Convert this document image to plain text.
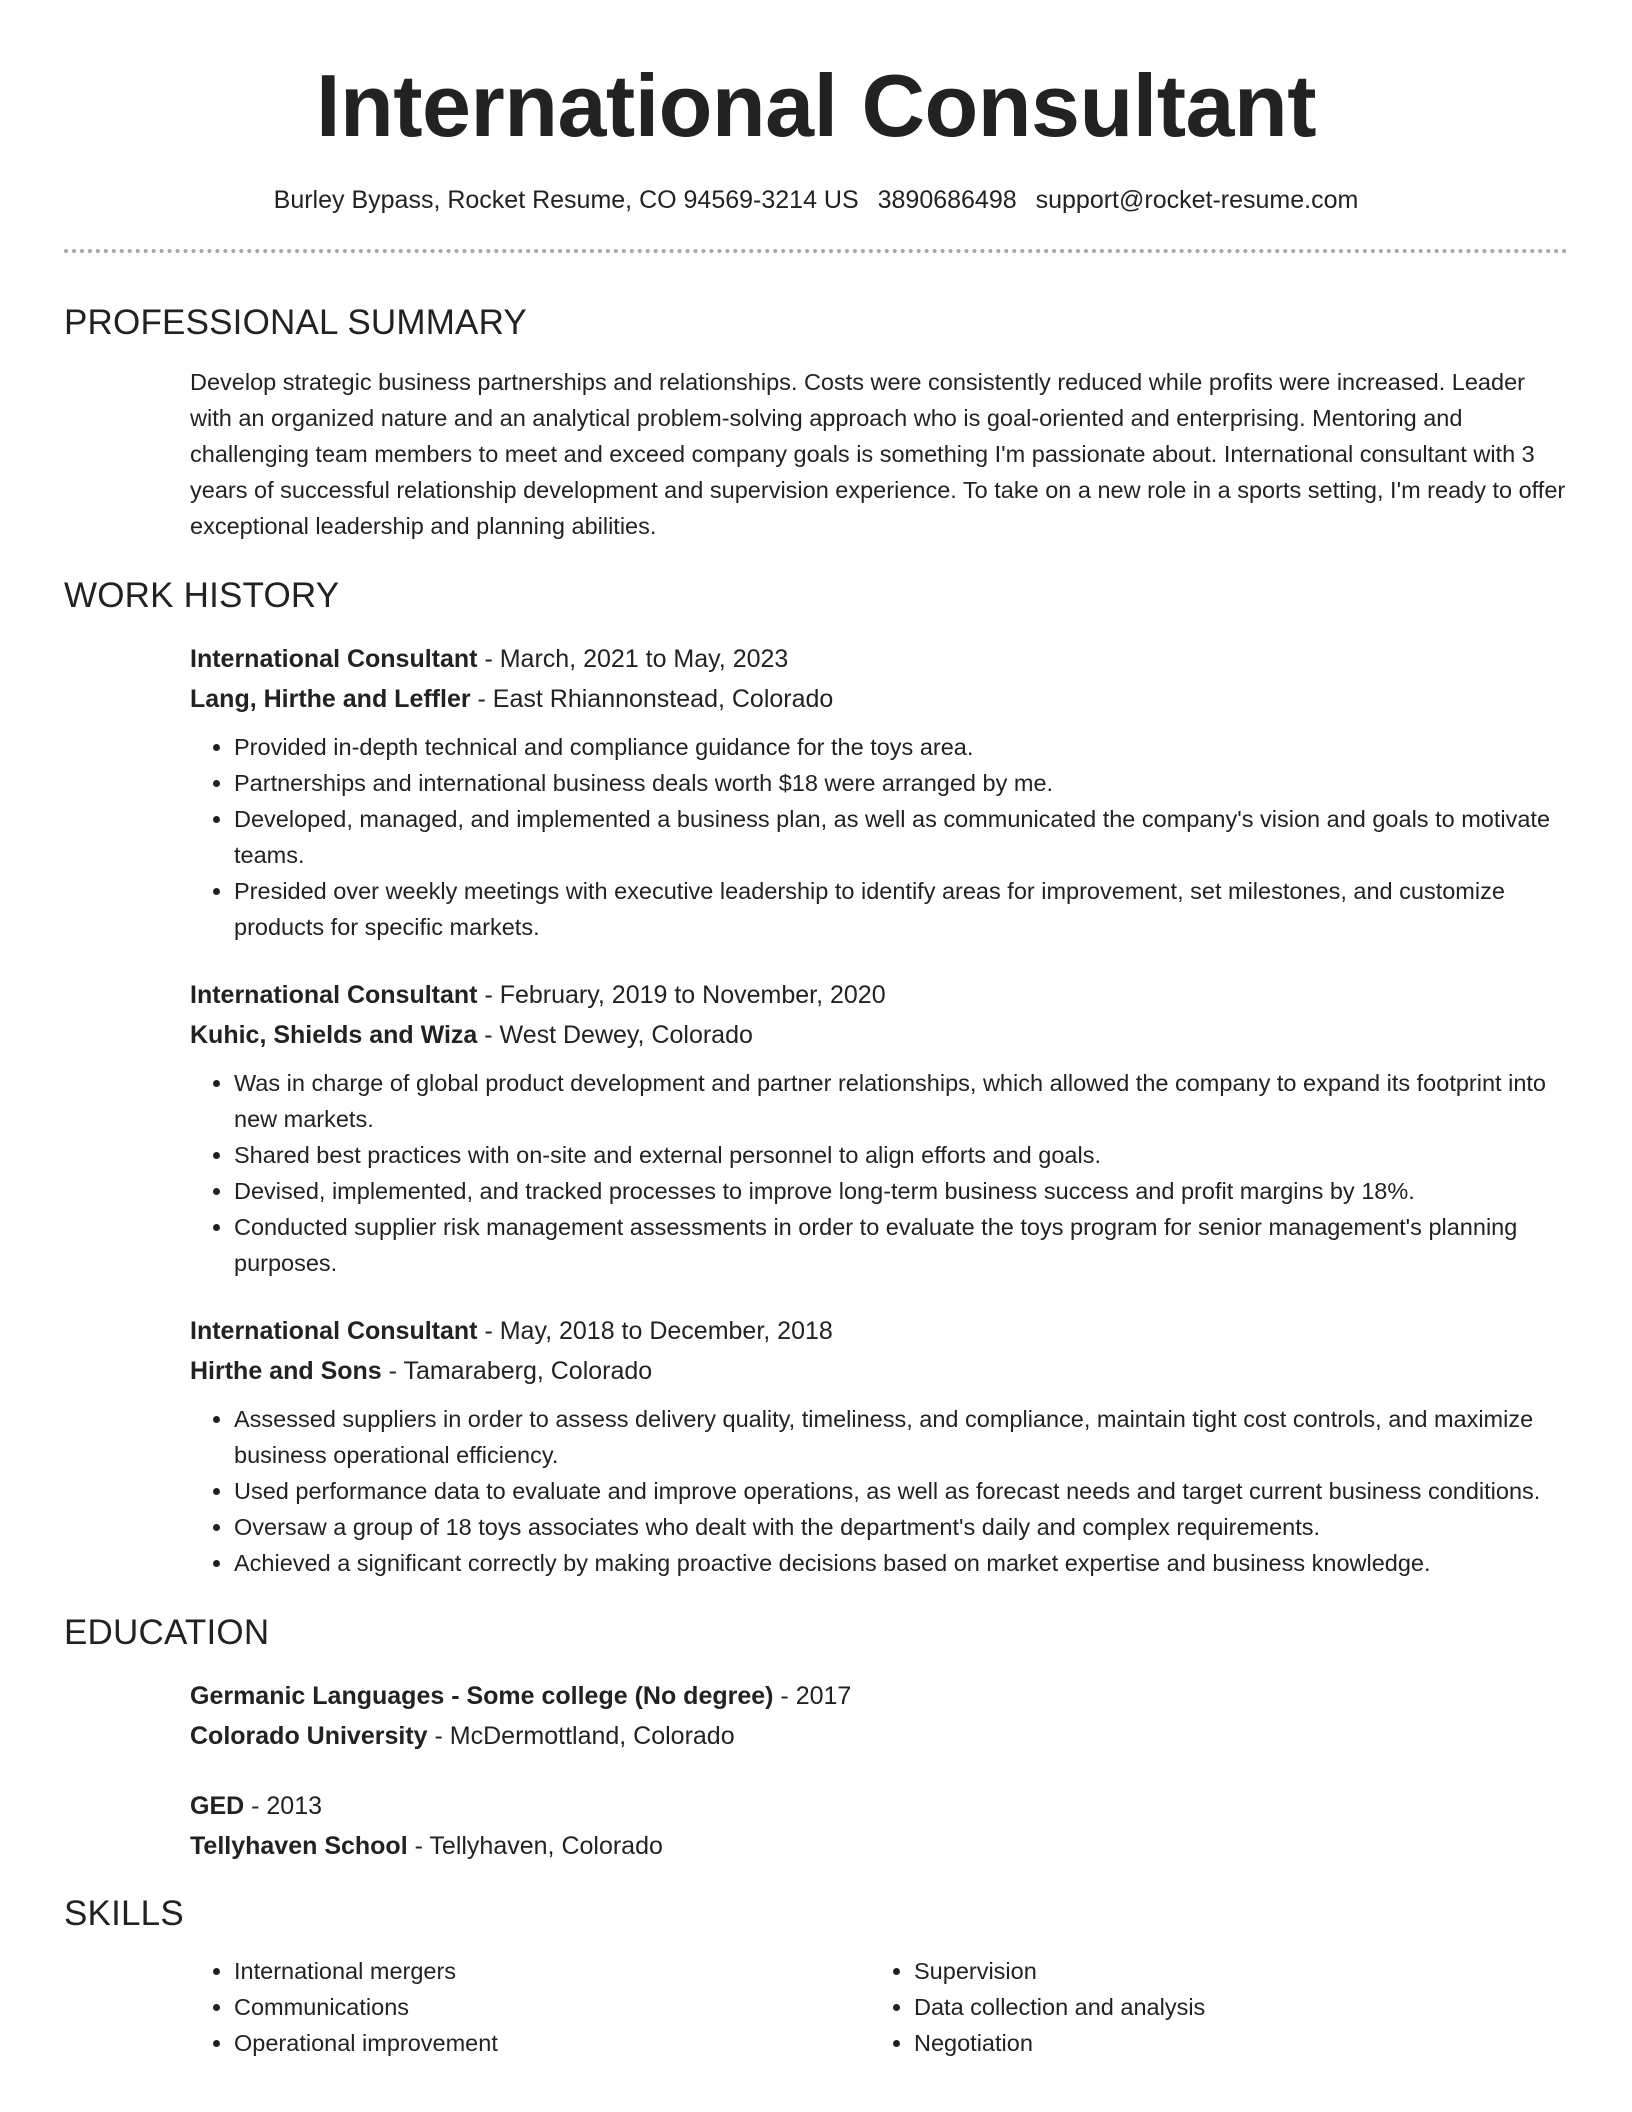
International Consultant
Burley Bypass, Rocket Resume, CO 94569-3214 US 3890686498 support@rocket-resume.com
PROFESSIONAL SUMMARY

Develop strategic business partnerships and relationships. Costs were consistently reduced while profits were increased. Leader with an organized nature and an analytical problem-solving approach who is goal-oriented and enterprising. Mentoring and challenging team members to meet and exceed company goals is something I'm passionate about. International consultant with 3 years of successful relationship development and supervision experience. To take on a new role in a sports setting, I'm ready to offer exceptional leadership and planning abilities.

WORK HISTORY
International Consultant - March, 2021 to May, 2023
Lang, Hirthe and Leffler - East Rhiannonstead, Colorado
• Provided in-depth technical and compliance guidance for the toys area.
• Partnerships and international business deals worth $18 were arranged by me.
• Developed, managed, and implemented a business plan, as well as communicated the company's vision and goals to motivate teams.
• Presided over weekly meetings with executive leadership to identify areas for improvement, set milestones, and customize products for specific markets.
International Consultant - February, 2019 to November, 2020
Kuhic, Shields and Wiza - West Dewey, Colorado
• Was in charge of global product development and partner relationships, which allowed the company to expand its footprint into new markets.
• Shared best practices with on-site and external personnel to align efforts and goals.
• Devised, implemented, and tracked processes to improve long-term business success and profit margins by 18%.
• Conducted supplier risk management assessments in order to evaluate the toys program for senior management's planning purposes.
International Consultant - May, 2018 to December, 2018
Hirthe and Sons - Tamaraberg, Colorado
• Assessed suppliers in order to assess delivery quality, timeliness, and compliance, maintain tight cost controls, and maximize business operational efficiency.
• Used performance data to evaluate and improve operations, as well as forecast needs and target current business conditions.
• Oversaw a group of 18 toys associates who dealt with the department's daily and complex requirements.
• Achieved a significant correctly by making proactive decisions based on market expertise and business knowledge.
EDUCATION
Germanic Languages - Some college (No degree) - 2017
Colorado University - McDermottland, Colorado
GED - 2013
Tellyhaven School - Tellyhaven, Colorado
SKILLS
• International mergers
• Communications
• Operational improvement
• Supervision
• Data collection and analysis
• Negotiation
